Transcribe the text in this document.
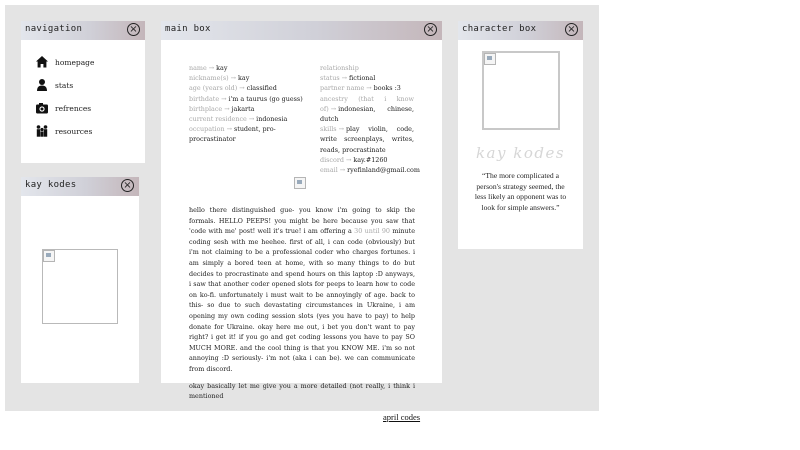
navigation	×
homepage
stats
refrences
resources
kay kodes	×
main box	×
name → kay
nickname(s) → kay
age (years old) → classified
birthdate → i'm a taurus (go guess)
birthplace → jakarta
current residence → indonesia
occupation → student, pro-procrastinator
relationship status → fictional
partner name → books :3
ancestry (that i know of) → indonesian, chinese, dutch
skills → play violin, code, write screenplays, writes, reads, procrastinate
discord → kay.#1260
email → ryefinland@gmail.com

hello there distinguished gue- you know i'm going to skip the formals. HELLO PEEPS! you might be here because you saw that 'code with me' post! well it's true! i am offering a 30 until 90 minute coding sesh with me heehee. first of all, i can code (obviously) but i'm not claiming to be a professional coder who charges fortunes. i am simply a bored teen at home, with so many things to do but decides to procrastinate and spend hours on this laptop :D anyways, i saw that another coder opened slots for peeps to learn how to code on ko-fi. unfortunately i must wait to be annoyingly of age. back to this- so due to such devastating circumstances in Ukraine, i am opening my own coding session slots (yes you have to pay) to help donate for Ukraine. okay here me out, i bet you don't want to pay right? i get it! if you go and get coding lessons you have to pay SO MUCH MORE. and the cool thing is that you KNOW ME. i'm so not annoying :D seriously- i'm not (aka i can be). we can communicate from discord.

okay basically let me give you a more detailed (not really, i think i mentioned

character box	×
kay kodes
“The more complicated a person's strategy seemed, the less likely an opponent was to look for simple answers.”
april codes
